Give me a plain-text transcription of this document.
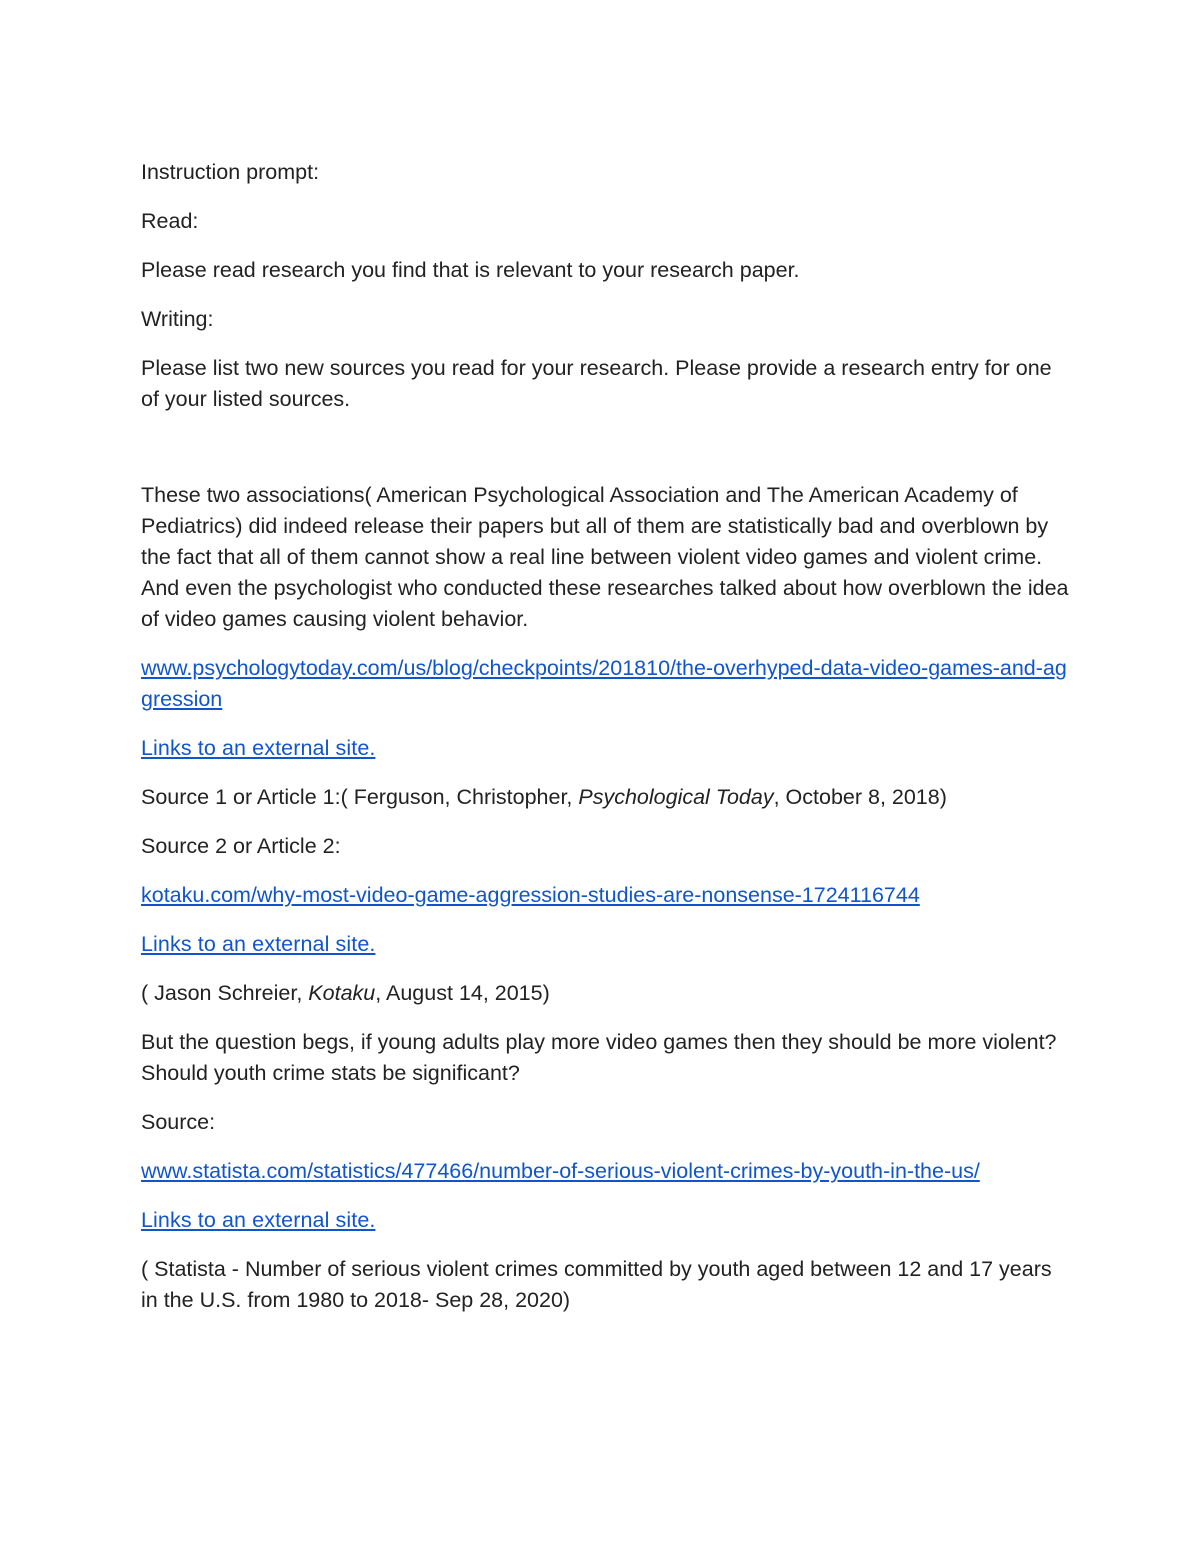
Instruction prompt:

Read:

Please read research you find that is relevant to your research paper.

Writing:

Please list two new sources you read for your research. Please provide a research entry for one of your listed sources.

These two associations( American Psychological Association and The American Academy of Pediatrics) did indeed release their papers but all of them are statistically bad and overblown by the fact that all of them cannot show a real line between violent video games and violent crime. And even the psychologist who conducted these researches talked about how overblown the idea of video games causing violent behavior.

www.psychologytoday.com/us/blog/checkpoints/201810/the-overhyped-data-video-games-and-aggression

Links to an external site.

Source 1 or Article 1:( Ferguson, Christopher, Psychological Today, October 8, 2018)

Source 2 or Article 2:

kotaku.com/why-most-video-game-aggression-studies-are-nonsense-1724116744

Links to an external site.

( Jason Schreier, Kotaku, August 14, 2015)

But the question begs, if young adults play more video games then they should be more violent? Should youth crime stats be significant?

Source:

www.statista.com/statistics/477466/number-of-serious-violent-crimes-by-youth-in-the-us/

Links to an external site.

( Statista - Number of serious violent crimes committed by youth aged between 12 and 17 years in the U.S. from 1980 to 2018- Sep 28, 2020)
